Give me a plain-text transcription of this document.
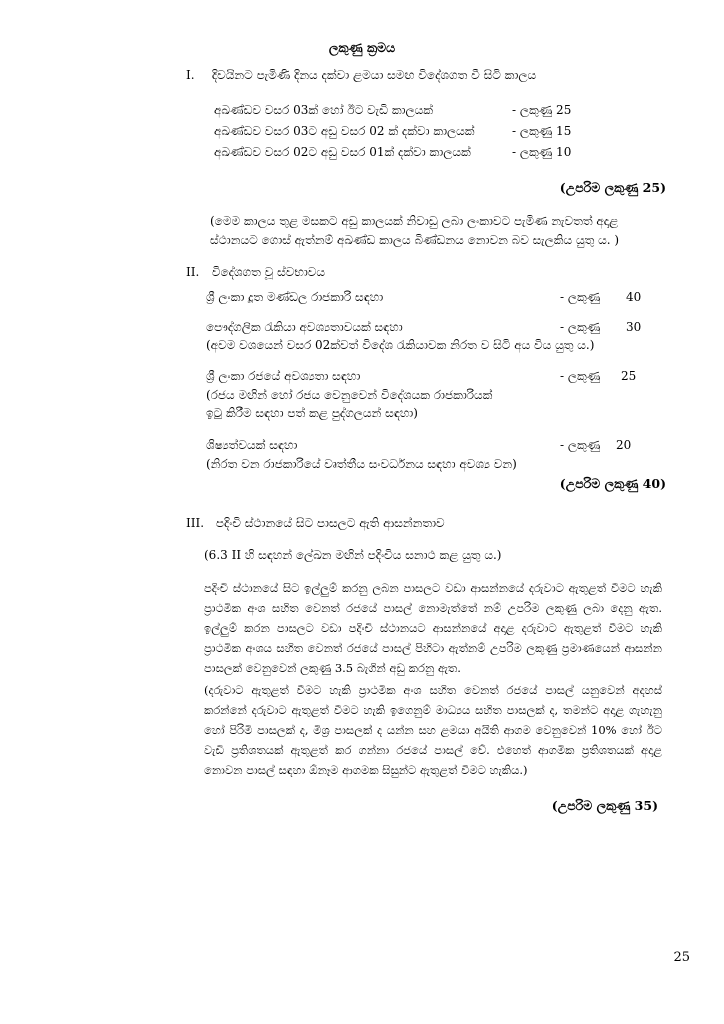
ලකුණු ක්‍රමය
I. දිවයිනට පැමිණි දිනය දක්වා ළමයා සමඟ විදේශගත වී සිටි කාලය
අඛණ්ඩව වසර 03ක් හෝ ඊට වැඩි කාලයක්	- ලකුණු 25
අඛණ්ඩව වසර 03ට අඩු වසර 02 ක් දක්වා කාලයක්	- ලකුණු 15
අඛණ්ඩව වසර 02ට අඩු වසර 01ක් දක්වා කාලයක්	- ලකුණු 10
(උපරිම ලකුණු 25)
(මෙම කාලය තුළ මසකට අඩු කාලයක් නිවාඩු ලබා ලංකාවට පැමිණ නැවතත් අදාළ
ස්ථානයට ගොස් ඇත්නම් අඛණ්ඩ කාලය බිණ්ඩනය නොවන බව සැලකිය යුතු ය. )
II. විදේශගත වූ ස්වභාවය
ශ්‍රී ලංකා දූත මණ්ඩල රාජකාරි සඳහා	- ලකුණු 40
පෞද්ගලික රැකියා අවශ්‍යතාවයක් සඳහා	- ලකුණු 30
(අවම වශයෙන් වසර 02ක්වත් විදේශ රැකියාවක නිරත ව සිටි අය විය යුතු ය.)
ශ්‍රී ලංකා රජයේ අවශ්‍යතා සඳහා	- ලකුණු 25
(රජය මඟින් හෝ රජය වෙනුවෙන් විදේශයක රාජකාරියක්
ඉටු කිරීම සඳහා පත් කළ පුද්ගලයන් සඳහා)
ශිෂ්‍යත්වයක් සඳහා	- ලකුණු 20
(නිරත වන රාජකාරියේ වෘත්තීය සංවර්ධනය සඳහා අවශ්‍ය වන)
(උපරිම ලකුණු 40)
III. පදිංචි ස්ථානයේ සිට පාසලට ඇති ආසන්නතාව
(6.3 II හි සඳහන් ලේඛන මඟින් පදිංචිය සනාථ කළ යුතු ය.)
පදිංචි ස්ථානයේ සිට ඉල්ලුම් කරනු ලබන පාසලට වඩා ආසන්නයේ දරුවාට ඇතුළත් වීමට හැකි ප්‍රාථමික අංශ සහිත වෙනත් රජයේ පාසල් නොමැත්තේ නම් උපරිම ලකුණු ලබා දෙනු ඇත. ඉල්ලුම් කරන පාසලට වඩා පදිංචි ස්ථානයට ආසන්නයේ අදාළ දරුවාට ඇතුළත් වීමට හැකි ප්‍රාථමික අංශය සහිත වෙනත් රජයේ පාසල් පිහිටා ඇත්නම් උපරිම ලකුණු ප්‍රමාණයෙන් ආසන්න පාසලක් වෙනුවෙන් ලකුණු 3.5 බැගින් අඩු කරනු ඇත.
(දරුවාට ඇතුළත් වීමට හැකි ප්‍රාථමික අංශ සහිත වෙනත් රජයේ පාසල් යනුවෙන් අදහස් කරන්නේ දරුවාට ඇතුළත් වීමට හැකි ඉගෙනුම් මාධ්‍යය සහිත පාසලක් ද, තමන්ට අදාළ ගැහැනු හෝ පිරිමි පාසලක් ද, මිශ්‍ර පාසලක් ද යන්න සහ ළමයා අයිති ආගම වෙනුවෙන් 10% හෝ ඊට වැඩි ප්‍රතිශතයක් ඇතුළත් කර ගන්නා රජයේ පාසල් වේ. එහෙත් ආගමික ප්‍රතිශතයක් අදාළ නොවන පාසල් සඳහා ඕනෑම ආගමක සිසුන්ට ඇතුළත් වීමට හැකිය.)
(උපරිම ලකුණු 35)
25
